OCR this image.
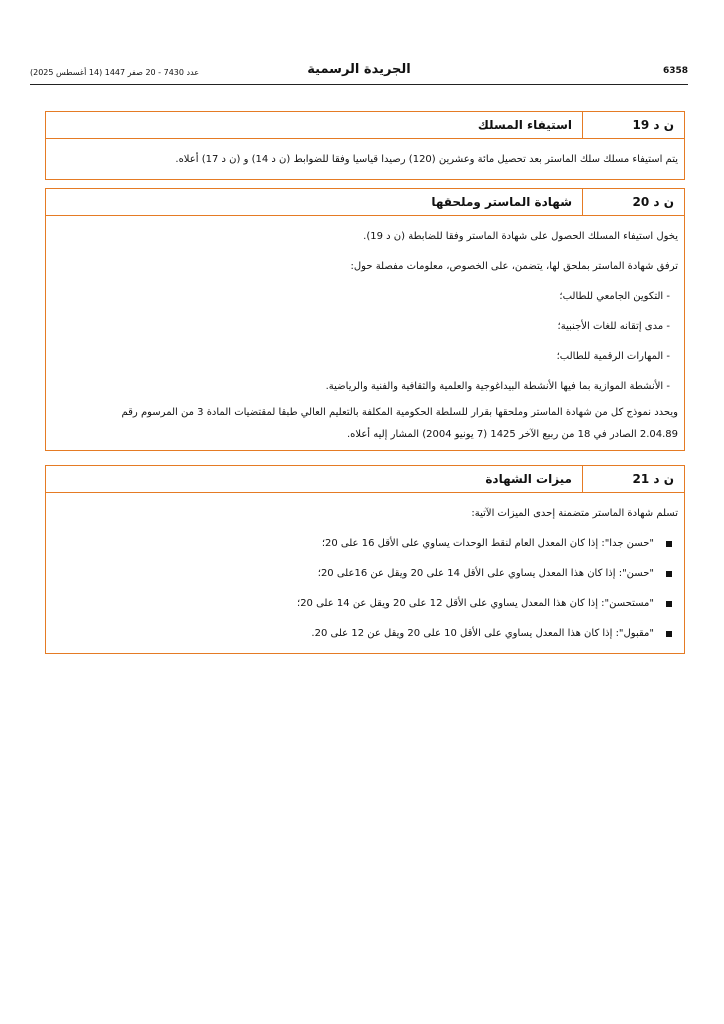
6358
الجريدة الرسمية
عدد 7430 - 20 صفر 1447 (14 أغسطس 2025)
ن د 19
استيفاء المسلك
يتم استيفاء مسلك سلك الماستر بعد تحصيل مائة وعشرين (120) رصيدا قياسيا وفقا للضوابط (ن د 14) و (ن د 17) أعلاه.
ن د 20
شهادة الماستر وملحقها
يخول استيفاء المسلك الحصول على شهادة الماستر وفقا للضابطة (ن د 19).
ترفق شهادة الماستر بملحق لها، يتضمن، على الخصوص، معلومات مفصلة حول:
- التكوين الجامعي للطالب؛
- مدى إتقانه للغات الأجنبية؛
- المهارات الرقمية للطالب؛
- الأنشطة الموازية بما فيها الأنشطة البيداغوجية والعلمية والثقافية والفنية والرياضية.
ويحدد نموذج كل من شهادة الماستر وملحقها بقرار للسلطة الحكومية المكلفة بالتعليم العالي طبقا لمقتضيات المادة 3 من المرسوم رقم
2.04.89 الصادر في 18 من ربيع الآخر 1425 (7 يونيو 2004) المشار إليه أعلاه.
ن د 21
ميزات الشهادة
تسلم شهادة الماستر متضمنة إحدى الميزات الآتية:
"حسن جدا": إذا كان المعدل العام لنقط الوحدات يساوي على الأقل 16 على 20؛
"حسن": إذا كان هذا المعدل يساوي على الأقل 14 على 20 ويقل عن 16على 20؛
"مستحسن": إذا كان هذا المعدل يساوي على الأقل 12 على 20 ويقل عن 14 على 20؛
"مقبول": إذا كان هذا المعدل يساوي على الأقل 10 على 20 ويقل عن 12 على 20.
